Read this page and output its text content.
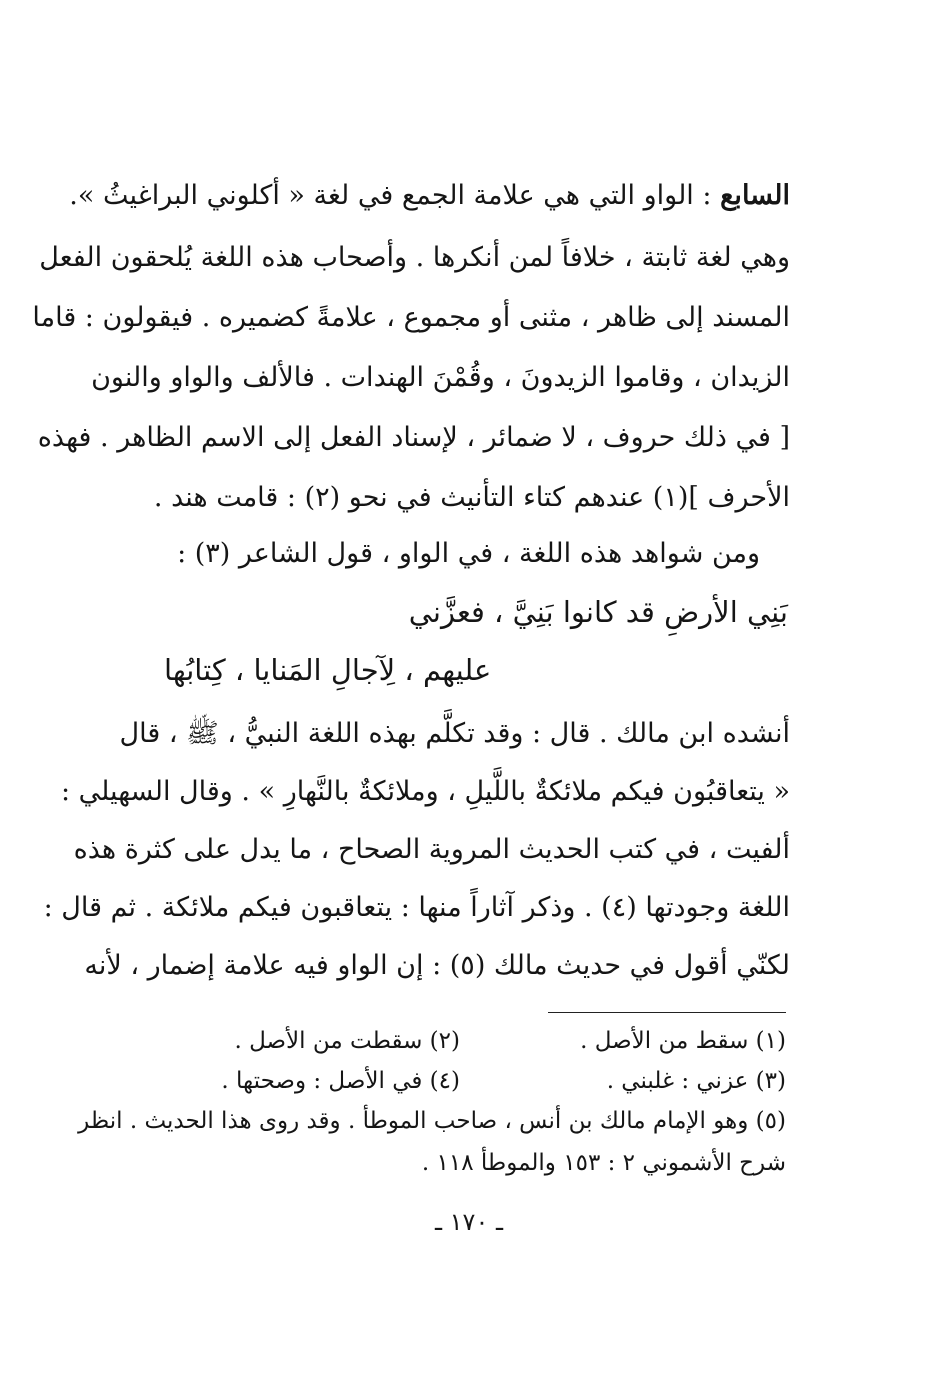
السابع : الواو التي هي علامة الجمع في لغة « أكلوني البراغيثُ ».
وهي لغة ثابتة ، خلافاً لمن أنكرها . وأصحاب هذه اللغة يُلحقون الفعل
المسند إلى ظاهر ، مثنى أو مجموع ، علامةً كضميره . فيقولون : قاما
الزيدان ، وقاموا الزيدونَ ، وقُمْنَ الهندات . فالألف والواو والنون
[ في ذلك حروف ، لا ضمائر ، لإسناد الفعل إلى الاسم الظاهر . فهذه
الأحرف ](١) عندهم كتاء التأنيث في نحو (٢) : قامت هند .
ومن شواهد هذه اللغة ، في الواو ، قول الشاعر (٣) :
بَنِي الأرضِ قد كانوا بَنِيَّ ، فعزَّني
عليهم ، لِآجالِ المَنايا ، كِتابُها
أنشده ابن مالك . قال : وقد تكلَّم بهذه اللغة النبيُّ ، ﷺ ، قال
« يتعاقبُون فيكم ملائكةٌ باللَّيلِ ، وملائكةٌ بالنَّهارِ » . وقال السهيلي :
ألفيت ، في كتب الحديث المروية الصحاح ، ما يدل على كثرة هذه
اللغة وجودتها (٤) . وذكر آثاراً منها : يتعاقبون فيكم ملائكة . ثم قال :
لكنّي أقول في حديث مالك (٥) : إن الواو فيه علامة إضمار ، لأنه
(١) سقط من الأصل .
(٢) سقطت من الأصل .
(٣) عزني : غلبني .
(٤) في الأصل : وصحتها .
(٥) وهو الإمام مالك بن أنس ، صاحب الموطأ . وقد روى هذا الحديث . انظر
شرح الأشموني ٢ : ١٥٣ والموطأ ١١٨ .
ـ ١٧٠ ـ
